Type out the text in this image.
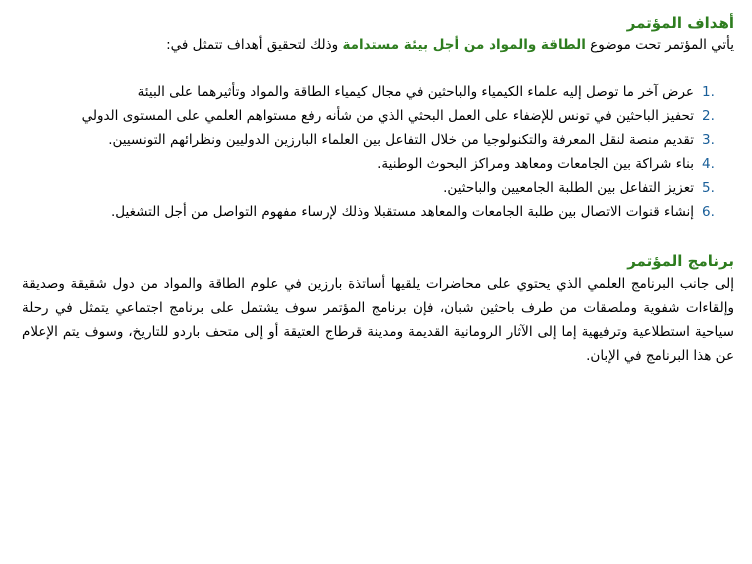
أهداف المؤتمر

يأتي المؤتمر تحت موضوع الطاقة والمواد من أجل بيئة مستدامة وذلك لتحقيق أهداف تتمثل في:

1.
عرض آخر ما توصل إليه علماء الكيمياء والباحثين في مجال كيمياء الطاقة والمواد وتأثيرهما على البيئة
2.
تحفيز الباحثين في تونس للإضفاء على العمل البحثي الذي من شأنه رفع مستواهم العلمي على المستوى الدولي
3.
تقديم منصة لنقل المعرفة والتكنولوجيا من خلال التفاعل بين العلماء البارزين الدوليين ونظرائهم التونسيين.
4.
بناء شراكة بين الجامعات ومعاهد ومراكز البحوث الوطنية.
5.
تعزيز التفاعل بين الطلبة الجامعيين والباحثين.
6.
إنشاء قنوات الاتصال بين طلبة الجامعات والمعاهد مستقبلا وذلك لإرساء مفهوم التواصل من أجل التشغيل.
برنامج المؤتمر

إلى جانب البرنامج العلمي الذي يحتوي على محاضرات يلقيها أساتذة بارزين في علوم الطاقة والمواد من دول شقيقة وصديقة وإلقاءات شفوية وملصقات من طرف باحثين شبان، فإن برنامج المؤتمر سوف يشتمل على برنامج اجتماعي يتمثل في رحلة سياحية استطلاعية وترفيهية إما إلى الآثار الرومانية القديمة ومدينة قرطاج العتيقة أو إلى متحف باردو للتاريخ، وسوف يتم الإعلام عن هذا البرنامج في الإبان.
